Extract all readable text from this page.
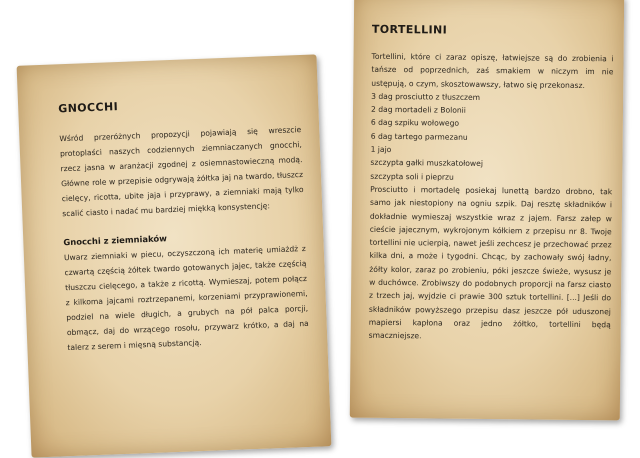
GNOCCHI

Wśród przeróżnych propozycji pojawiają się wreszcie protoplaści naszych codziennych ziemniaczanych gnocchi, rzecz jasna w aranżacji zgodnej z osiemnastowieczną modą. Główne role w przepisie odgrywają żółtka jaj na twardo, tłuszcz cielęcy, ricotta, ubite jaja i przyprawy, a ziemniaki mają tylko scalić ciasto i nadać mu bardziej miękką konsystencję:

Gnocchi z ziemniaków

Uwarz ziemniaki w piecu, oczyszczoną ich materię umiażdż z czwartą częścią żółtek twardo gotowanych jajec, także częścią tłuszczu cielęcego, a także z ricottą. Wymieszaj, potem połącz z kilkoma jajcami roztrzepanemi, korzeniami przyprawionemi, podziel na wiele długich, a grubych na pół palca porcji, obmącz, daj do wrzącego rosołu, przywarz krótko, a daj na talerz z serem i mięsną substancją.

TORTELLINI

Tortellini, które ci zaraz opiszę, łatwiejsze są do zrobienia i tańsze od poprzednich, zaś smakiem w niczym im nie ustępują, o czym, skosztowawszy, łatwo się przekonasz.

3 dag prosciutto z tłuszczem

2 dag mortadeli z Bolonii

6 dag szpiku wołowego

6 dag tartego parmezanu

1 jajo

szczypta gałki muszkatołowej

szczypta soli i pieprzu

Prosciutto i mortadelę posiekaj lunettą bardzo drobno, tak samo jak niestopiony na ogniu szpik. Daj resztę składników i dokładnie wymieszaj wszystkie wraz z jajem. Farsz załep w cieście jajecznym, wykrojonym kółkiem z przepisu nr 8. Twoje tortellini nie ucierpią, nawet jeśli zechcesz je przechować przez kilka dni, a może i tygodni. Chcąc, by zachowały swój ładny, żółty kolor, zaraz po zrobieniu, póki jeszcze świeże, wysusz je w duchówce. Zrobiwszy do podobnych proporcji na farsz ciasto z trzech jaj, wyjdzie ci prawie 300 sztuk tortellini. [...] Jeśli do składników powyższego przepisu dasz jeszcze pół uduszonej mapiersi kapłona oraz jedno żółtko, tortellini będą smaczniejsze.
